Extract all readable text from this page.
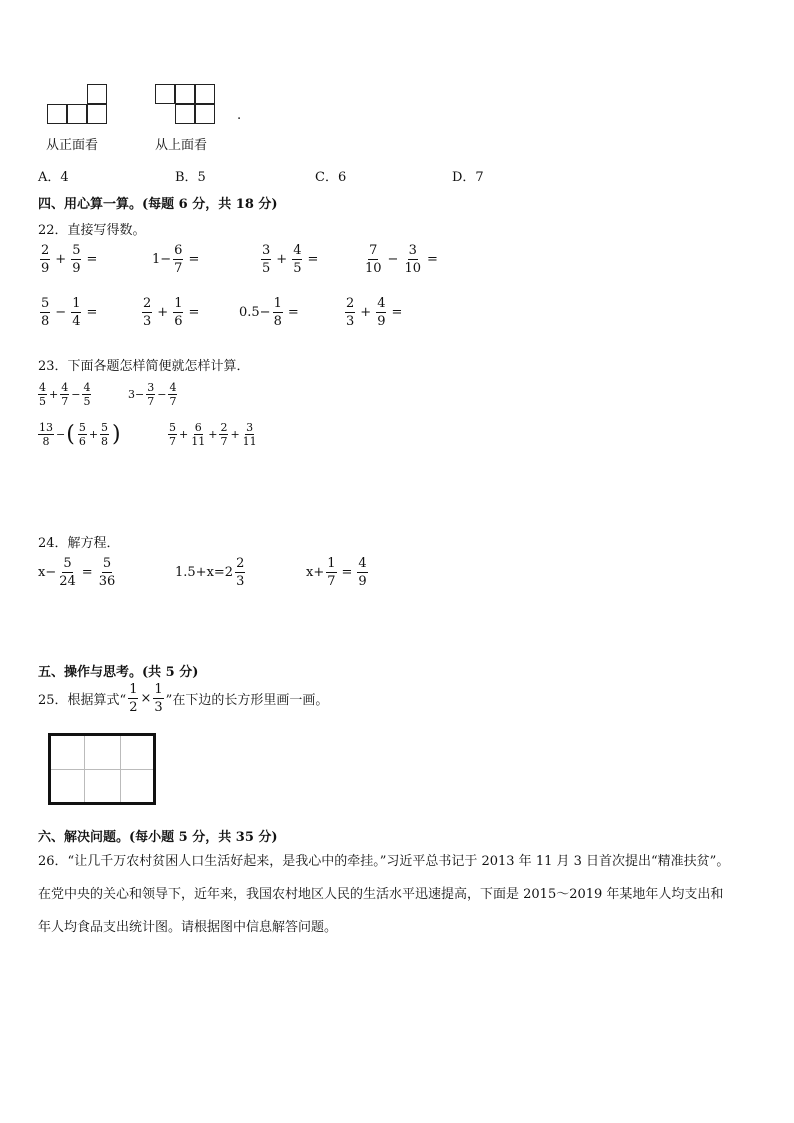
从正面看	从上面看
.
A．4	B．5	C．6	D．7
四、用心算一算。(每题 6 分，共 18 分)
22．直接写得数。
$\frac{2}{9} + \frac{5}{9}$ =	$1- \frac{6}{7}$ =	$\frac{3}{5} + \frac{4}{5}$ =	$\frac{7}{10} - \frac{3}{10}$ =
$\frac{5}{8} - \frac{1}{4}$ =	$\frac{2}{3} + \frac{1}{6}$ =	$0.5- \frac{1}{8}$ =	$\frac{2}{3} + \frac{4}{9}$ =
23．下面各题怎样简便就怎样计算．
$\frac{4}{5} + \frac{4}{7} - \frac{4}{5}$	$3- \frac{3}{7} - \frac{4}{7}$
$\frac{13}{8}$ − ( $\frac{5}{6} + \frac{5}{8}$ )	$\frac{5}{7} + \frac{6}{11} + \frac{2}{7} + \frac{3}{11}$
24．解方程．
$x- \frac{5}{24} = \frac{5}{36}$	$1.5+x=2 \frac{2}{3}$	$x+ \frac{1}{7} = \frac{4}{9}$
五、操作与思考。(共 5 分)
25．根据算式“ $\frac{1}{2} \times \frac{1}{3}$ ”在下边的长方形里画一画。
六、解决问题。(每小题 5 分，共 35 分)
26．“让几千万农村贫困人口生活好起来，是我心中的牵挂。”习近平总书记于 2013 年 11 月 3 日首次提出“精准扶贫”。
在党中央的关心和领导下，近年来，我国农村地区人民的生活水平迅速提高，下面是 2015～2019 年某地年人均支出和
年人均食品支出统计图。请根据图中信息解答问题。
